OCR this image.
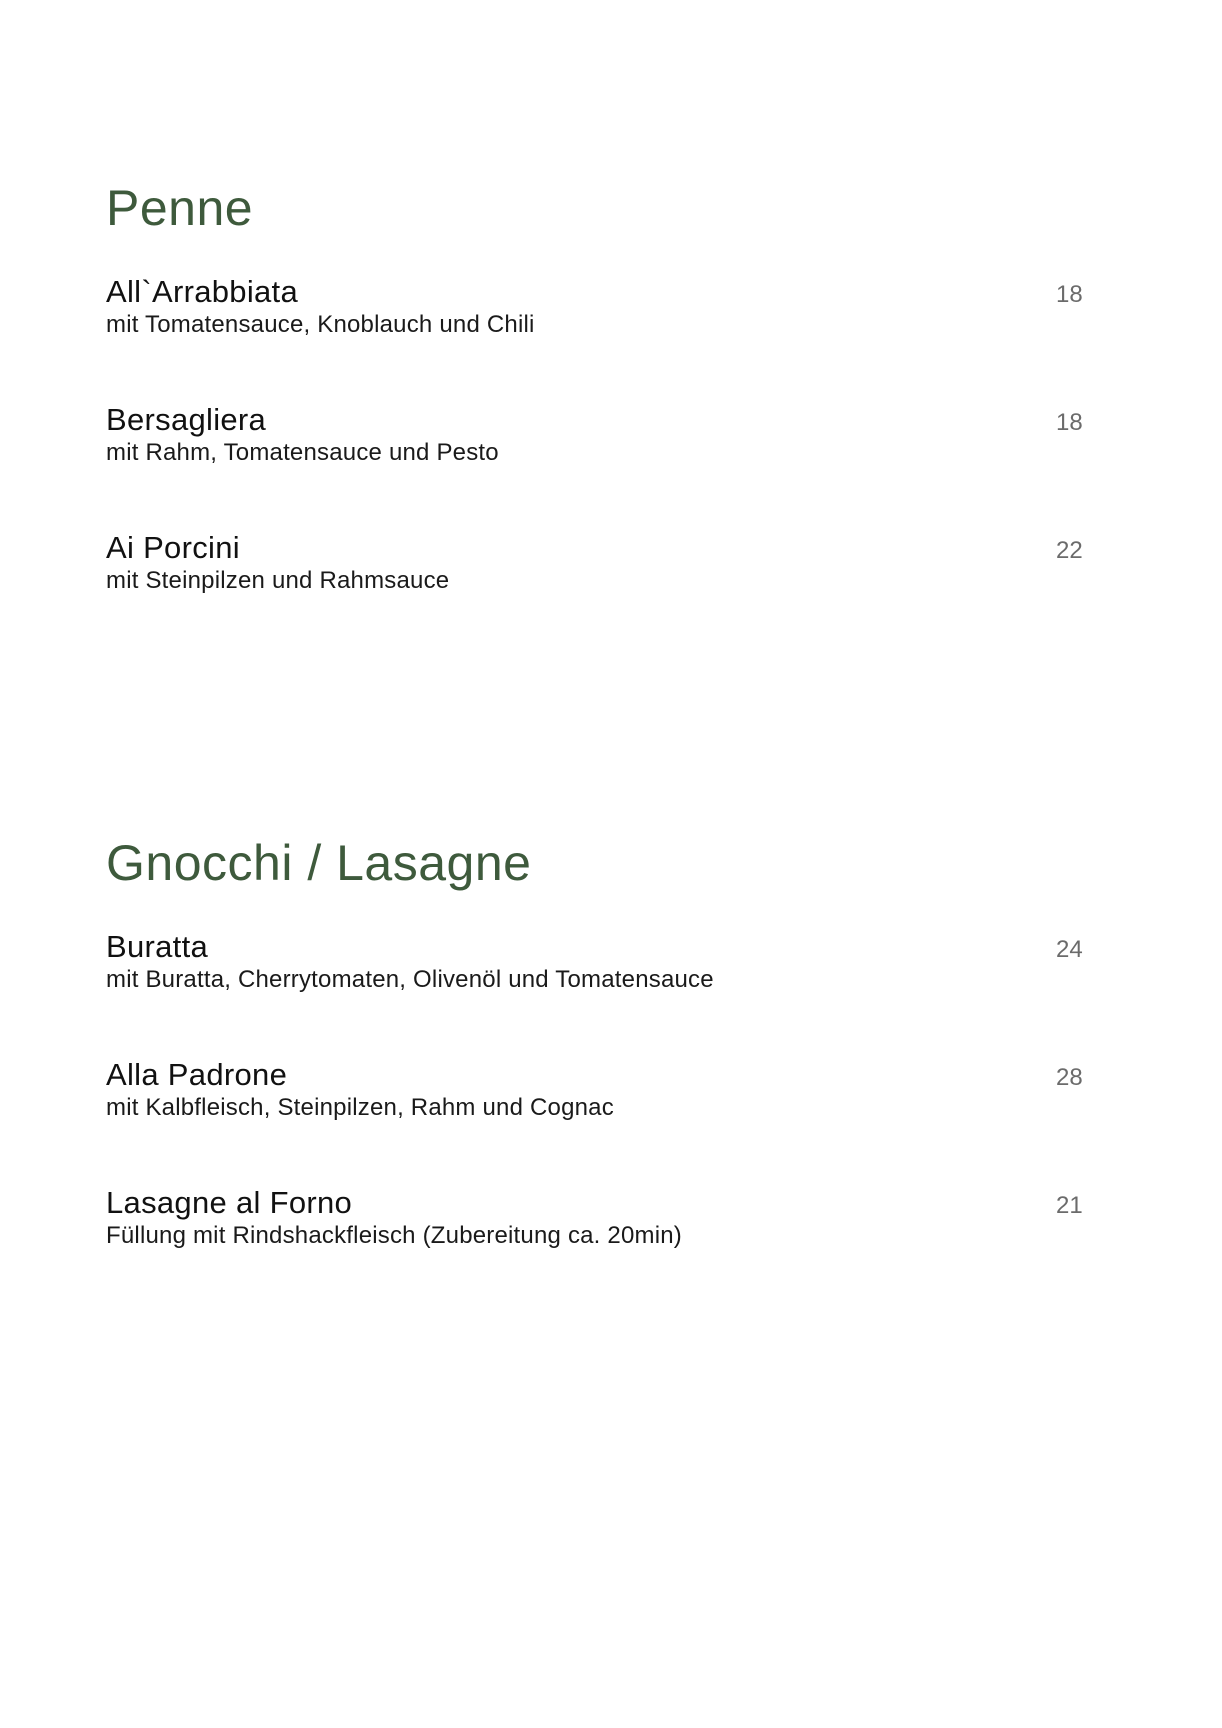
Penne
All`Arrabbiata
mit Tomatensauce, Knoblauch und Chili
18
Bersagliera
mit Rahm, Tomatensauce und Pesto
18
Ai Porcini
mit Steinpilzen und Rahmsauce
22
Gnocchi / Lasagne
Buratta
mit Buratta, Cherrytomaten, Olivenöl und Tomatensauce
24
Alla Padrone
mit Kalbfleisch, Steinpilzen, Rahm und Cognac
28
Lasagne al Forno
Füllung mit Rindshackfleisch (Zubereitung ca. 20min)
21
